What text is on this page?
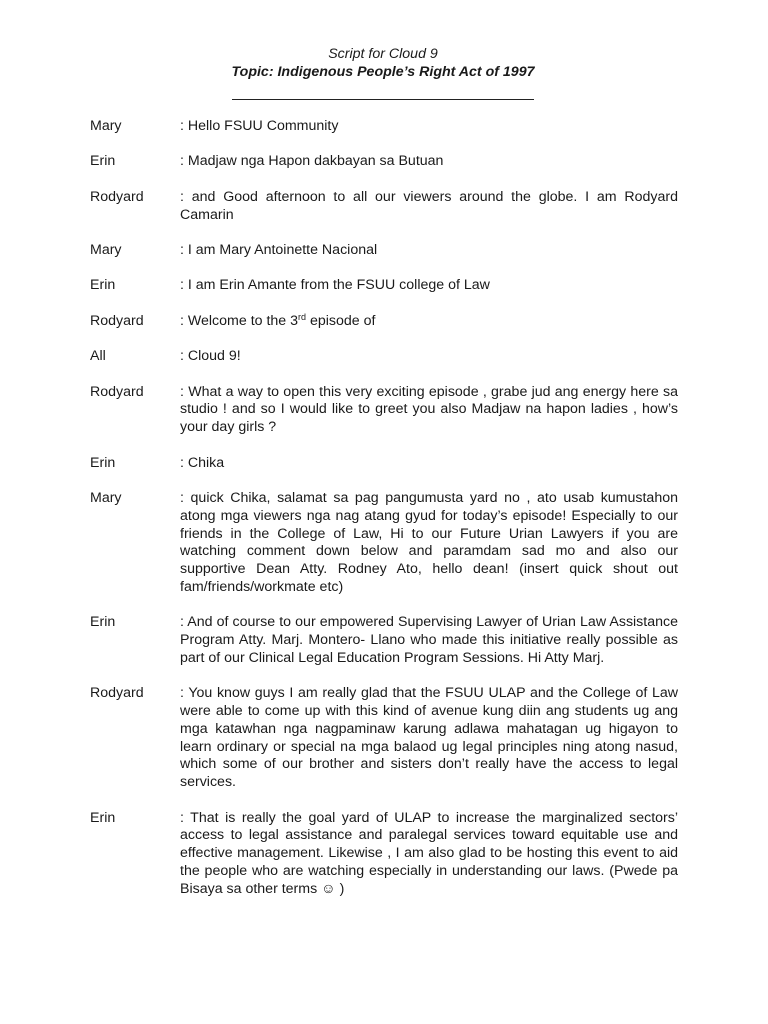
Script for Cloud 9
Topic: Indigenous People’s Right Act of 1997
Mary	: Hello FSUU Community
Erin	: Madjaw nga Hapon dakbayan sa Butuan
Rodyard	: and Good afternoon to all our viewers around the globe. I am Rodyard Camarin
Mary	: I am Mary Antoinette Nacional
Erin	: I am Erin Amante from the FSUU college of Law
Rodyard	: Welcome to the 3rd episode of
All	: Cloud 9!
Rodyard	: What a way to open this very exciting episode , grabe jud ang energy here sa studio ! and so I would like to greet you also Madjaw na hapon ladies , how’s your day girls ?
Erin	: Chika
Mary	: quick Chika, salamat sa pag pangumusta yard no , ato usab kumustahon atong mga viewers nga nag atang gyud for today’s episode! Especially to our friends in the College of Law, Hi to our Future Urian Lawyers if you are watching comment down below and paramdam sad mo and also our supportive Dean Atty. Rodney Ato, hello dean! (insert quick shout out fam/friends/workmate etc)
Erin	: And of course to our empowered Supervising Lawyer of Urian Law Assistance Program Atty. Marj. Montero- Llano who made this initiative really possible as part of our Clinical Legal Education Program Sessions. Hi Atty Marj.
Rodyard	: You know guys I am really glad that the FSUU ULAP and the College of Law were able to come up with this kind of avenue kung diin ang students ug ang mga katawhan nga nagpaminaw karung adlawa mahatagan ug higayon to learn ordinary or special na mga balaod ug legal principles ning atong nasud, which some of our brother and sisters don’t really have the access to legal services.
Erin	: That is really the goal yard of ULAP to increase the marginalized sectors’ access to legal assistance and paralegal services toward equitable use and effective management. Likewise , I am also glad to be hosting this event to aid the people who are watching especially in understanding our laws. (Pwede pa Bisaya sa other terms ☺ )
